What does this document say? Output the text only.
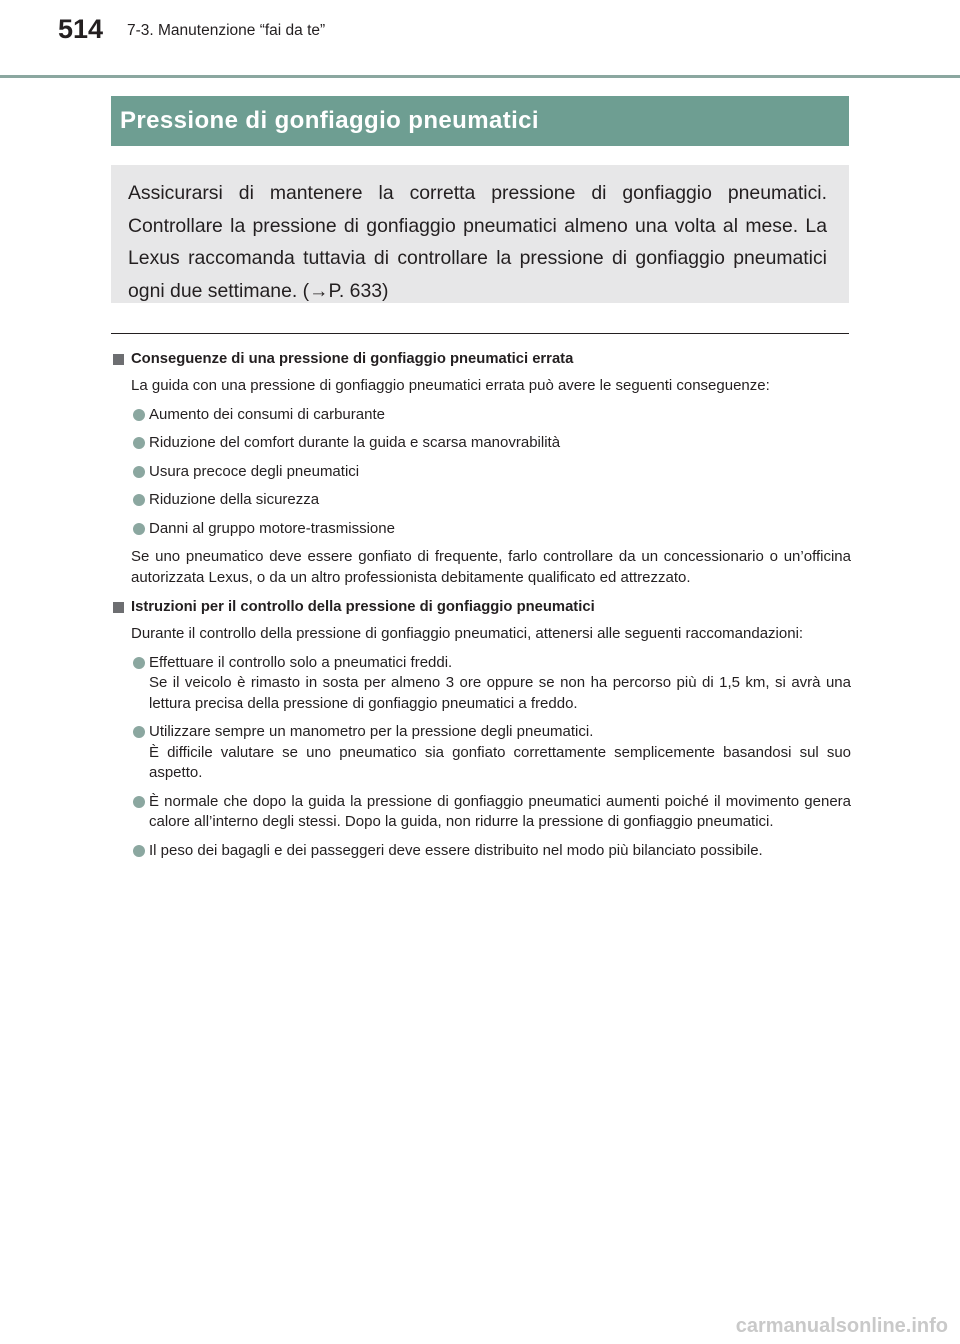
514 7-3. Manutenzione “fai da te”
Pressione di gonfiaggio pneumatici
Assicurarsi di mantenere la corretta pressione di gonfiaggio pneumatici. Controllare la pressione di gonfiaggio pneumatici almeno una volta al mese. La Lexus raccomanda tuttavia di controllare la pressione di gonfiaggio pneumatici ogni due settimane. (→P. 633)
Conseguenze di una pressione di gonfiaggio pneumatici errata
La guida con una pressione di gonfiaggio pneumatici errata può avere le seguenti conseguenze:
Aumento dei consumi di carburante
Riduzione del comfort durante la guida e scarsa manovrabilità
Usura precoce degli pneumatici
Riduzione della sicurezza
Danni al gruppo motore-trasmissione
Se uno pneumatico deve essere gonfiato di frequente, farlo controllare da un concessionario o un’officina autorizzata Lexus, o da un altro professionista debitamente qualificato ed attrezzato.
Istruzioni per il controllo della pressione di gonfiaggio pneumatici
Durante il controllo della pressione di gonfiaggio pneumatici, attenersi alle seguenti raccomandazioni:
Effettuare il controllo solo a pneumatici freddi.
Se il veicolo è rimasto in sosta per almeno 3 ore oppure se non ha percorso più di 1,5 km, si avrà una lettura precisa della pressione di gonfiaggio pneumatici a freddo.
Utilizzare sempre un manometro per la pressione degli pneumatici.
È difficile valutare se uno pneumatico sia gonfiato correttamente semplicemente basandosi sul suo aspetto.
È normale che dopo la guida la pressione di gonfiaggio pneumatici aumenti poiché il movimento genera calore all’interno degli stessi. Dopo la guida, non ridurre la pressione di gonfiaggio pneumatici.
Il peso dei bagagli e dei passeggeri deve essere distribuito nel modo più bilanciato possibile.
carmanualsonline.info
